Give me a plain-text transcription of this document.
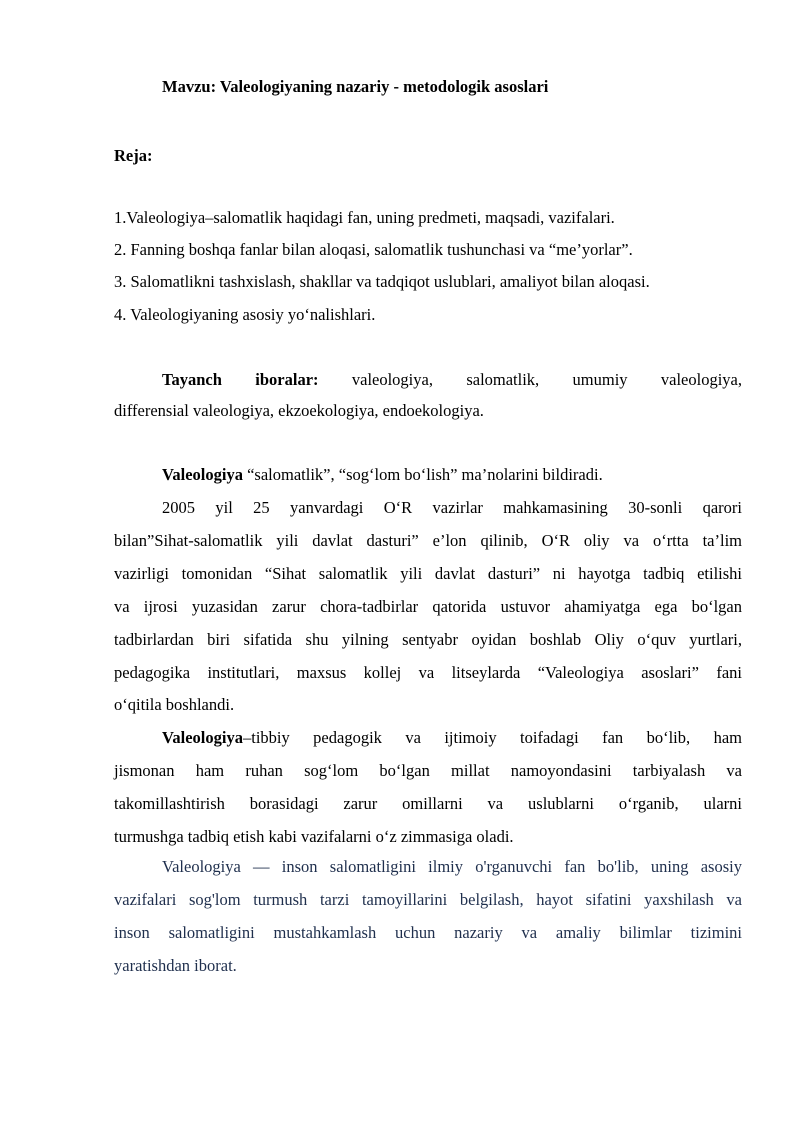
Mavzu: Valeologiyaning nazariy - metodologik asoslari
Reja:
1.Valeologiya–salomatlik haqidagi fan, uning predmeti, maqsadi, vazifalari.
2. Fanning boshqa fanlar bilan aloqasi, salomatlik tushunchasi va “me’yorlar”.
3. Salomatlikni tashxislash, shakllar va tadqiqot uslublari, amaliyot bilan aloqasi.
4. Valeologiyaning asosiy yo‘nalishlari.
Tayanch iboralar: valeologiya, salomatlik, umumiy valeologiya,
differensial valeologiya, ekzoekologiya, endoekologiya.
Valeologiya “salomatlik”, “sog‘lom bo‘lish” ma’nolarini bildiradi.
2005 yil 25 yanvardagi O‘R vazirlar mahkamasining 30-sonli qarori
bilan”Sihat-salomatlik yili davlat dasturi” e’lon qilinib, O‘R oliy va o‘rtta ta’lim
vazirligi tomonidan “Sihat salomatlik yili davlat dasturi” ni hayotga tadbiq etilishi
va ijrosi yuzasidan zarur chora-tadbirlar qatorida ustuvor ahamiyatga ega bo‘lgan
tadbirlardan biri sifatida shu yilning sentyabr oyidan boshlab Oliy o‘quv yurtlari,
pedagogika institutlari, maxsus kollej va litseylarda “Valeologiya asoslari” fani
o‘qitila boshlandi.
Valeologiya–tibbiy pedagogik va ijtimoiy toifadagi fan bo‘lib, ham
jismonan ham ruhan sog‘lom bo‘lgan millat namoyondasini tarbiyalash va
takomillashtirish borasidagi zarur omillarni va uslublarni o‘rganib, ularni
turmushga tadbiq etish kabi vazifalarni o‘z zimmasiga oladi.
Valeologiya — inson salomatligini ilmiy o'rganuvchi fan bo'lib, uning asosiy
vazifalari sog'lom turmush tarzi tamoyillarini belgilash, hayot sifatini yaxshilash va
inson salomatligini mustahkamlash uchun nazariy va amaliy bilimlar tizimini
yaratishdan iborat.
